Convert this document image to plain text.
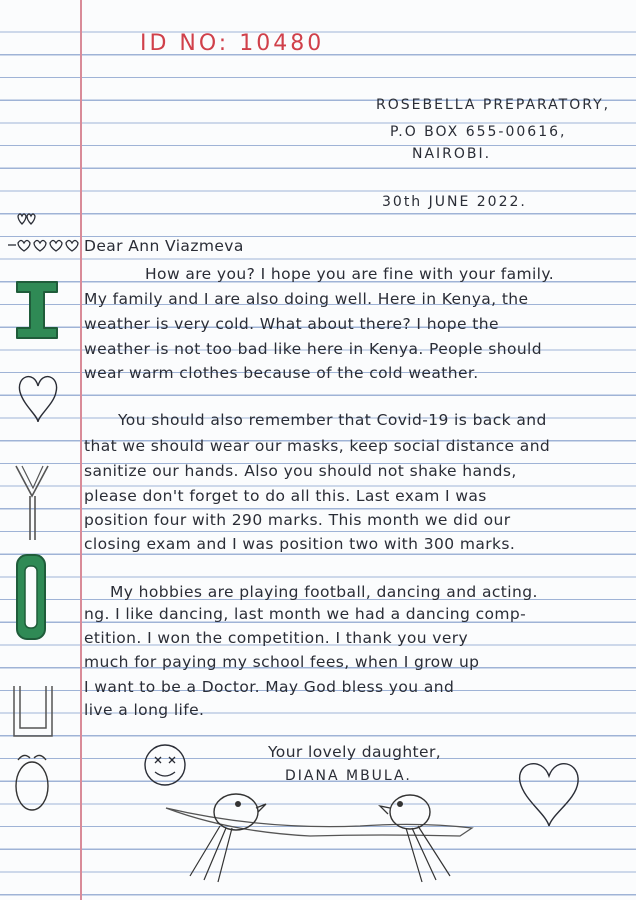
ID NO: 10480
ROSEBELLA PREPARATORY,
P.O BOX 655-00616,
NAIROBI.
30th JUNE 2022.
Dear Ann Viazmeva
How are you? I hope you are fine with your family.
My family and I are also doing well. Here in Kenya, the
weather is very cold. What about there? I hope the
weather is not too bad like here in Kenya. People should
wear warm clothes because of the cold weather.
You should also remember that Covid-19 is back and
that we should wear our masks, keep social distance and
sanitize our hands. Also you should not shake hands,
please don't forget to do all this. Last exam I was
position four with 290 marks. This month we did our
closing exam and I was position two with 300 marks.
My hobbies are playing football, dancing and acting.
ng. I like dancing, last month we had a dancing comp-
etition. I won the competition. I thank you very
much for paying my school fees, when I grow up
I want to be a Doctor. May God bless you and
live a long life.
Your lovely daughter,
DIANA MBULA.
